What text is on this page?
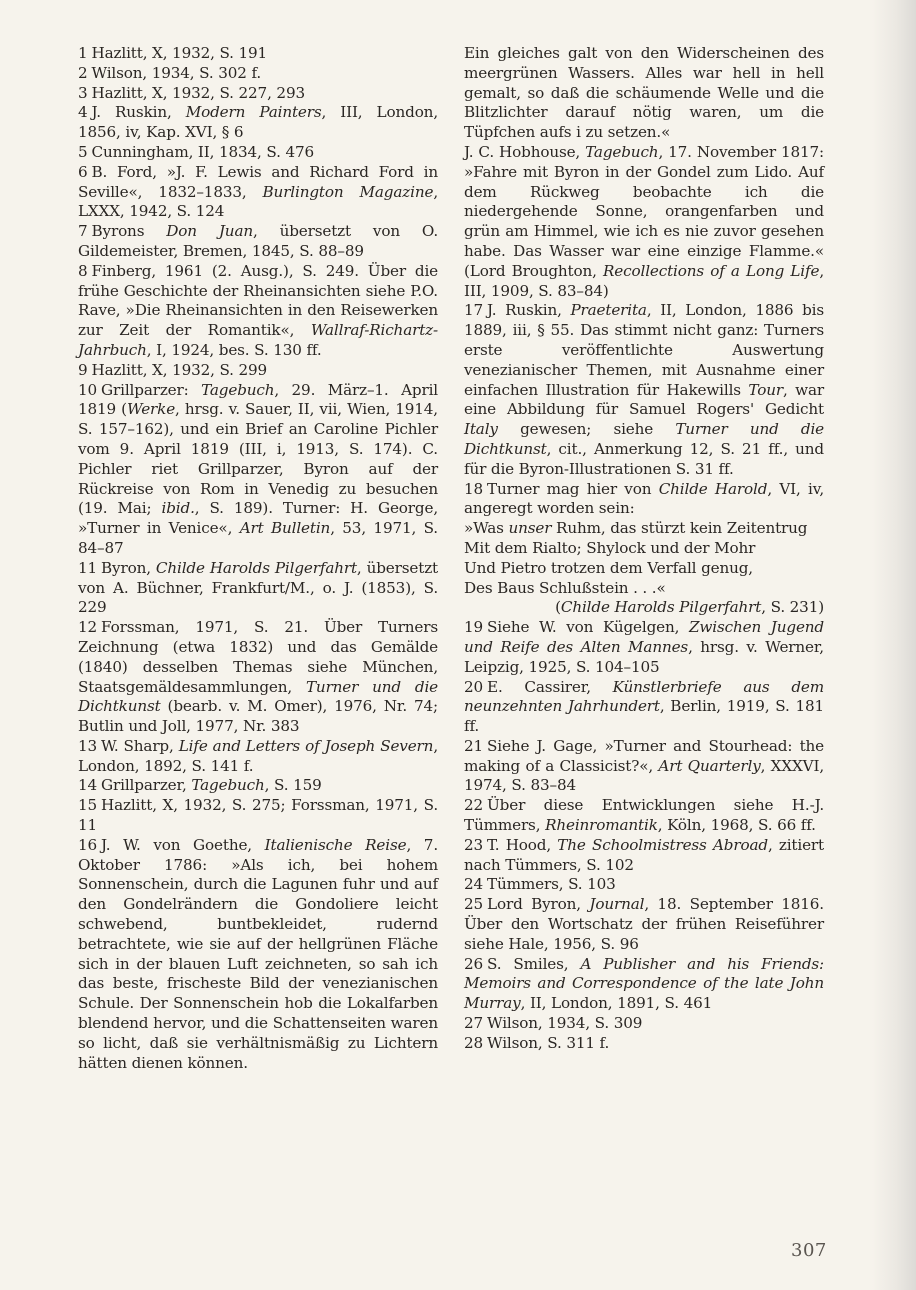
1 Hazlitt, X, 1932, S. 191

2 Wilson, 1934, S. 302 f.

3 Hazlitt, X, 1932, S. 227, 293

4 J. Ruskin, Modern Painters, III, London, 1856, iv, Kap. XVI, § 6

5 Cunningham, II, 1834, S. 476

6 B. Ford, »J. F. Lewis and Richard Ford in Seville«, 1832–1833, Burlington Magazine, LXXX, 1942, S. 124

7 Byrons Don Juan, übersetzt von O. Gildemeister, Bremen, 1845, S. 88–89

8 Finberg, 1961 (2. Ausg.), S. 249. Über die frühe Geschichte der Rheinansichten siehe P.O. Rave, »Die Rheinansichten in den Reisewerken zur Zeit der Romantik«, Wallraf-Richartz-Jahrbuch, I, 1924, bes. S. 130 ff.

9 Hazlitt, X, 1932, S. 299

10 Grillparzer: Tagebuch, 29. März–1. April 1819 (Werke, hrsg. v. Sauer, II, vii, Wien, 1914, S. 157–162), und ein Brief an Caroline Pichler vom 9. April 1819 (III, i, 1913, S. 174). C. Pichler riet Grillparzer, Byron auf der Rückreise von Rom in Venedig zu besuchen (19. Mai; ibid., S. 189). Turner: H. George, »Turner in Venice«, Art Bulletin, 53, 1971, S. 84–87

11 Byron, Childe Harolds Pilgerfahrt, übersetzt von A. Büchner, Frankfurt/M., o. J. (1853), S. 229

12 Forssman, 1971, S. 21. Über Turners Zeichnung (etwa 1832) und das Gemälde (1840) desselben Themas siehe München, Staatsgemäldesammlungen, Turner und die Dichtkunst (bearb. v. M. Omer), 1976, Nr. 74; Butlin und Joll, 1977, Nr. 383

13 W. Sharp, Life and Letters of Joseph Severn, London, 1892, S. 141 f.

14 Grillparzer, Tagebuch, S. 159

15 Hazlitt, X, 1932, S. 275; Forssman, 1971, S. 11

16 J. W. von Goethe, Italienische Reise, 7. Oktober 1786: »Als ich, bei hohem Sonnenschein, durch die Lagunen fuhr und auf den Gondelrändern die Gondoliere leicht schwebend, buntbekleidet, rudernd betrachtete, wie sie auf der hellgrünen Fläche sich in der blauen Luft zeichneten, so sah ich das beste, frischeste Bild der venezianischen Schule. Der Sonnenschein hob die Lokalfarben blendend hervor, und die Schattenseiten waren so licht, daß sie verhältnismäßig zu Lichtern hätten dienen können.

Ein gleiches galt von den Widerscheinen des meergrünen Wassers. Alles war hell in hell gemalt, so daß die schäumende Welle und die Blitzlichter darauf nötig waren, um die Tüpfchen aufs i zu setzen.«

J. C. Hobhouse, Tagebuch, 17. November 1817: »Fahre mit Byron in der Gondel zum Lido. Auf dem Rückweg beobachte ich die niedergehende Sonne, orangenfarben und grün am Himmel, wie ich es nie zuvor gesehen habe. Das Wasser war eine einzige Flamme.« (Lord Broughton, Recollections of a Long Life, III, 1909, S. 83–84)

17 J. Ruskin, Praeterita, II, London, 1886 bis 1889, iii, § 55. Das stimmt nicht ganz: Turners erste veröffentlichte Auswertung venezianischer Themen, mit Ausnahme einer einfachen Illustration für Hakewills Tour, war eine Abbildung für Samuel Rogers' Gedicht Italy gewesen; siehe Turner und die Dichtkunst, cit., Anmerkung 12, S. 21 ff., und für die Byron-Illustrationen S. 31 ff.

18 Turner mag hier von Childe Harold, VI, iv, angeregt worden sein:

»Was unser Ruhm, das stürzt kein Zeitentrug
Mit dem Rialto; Shylock und der Mohr
Und Pietro trotzen dem Verfall genug,
Des Baus Schlußstein . . .«
(Childe Harolds Pilgerfahrt, S. 231)

19 Siehe W. von Kügelgen, Zwischen Jugend und Reife des Alten Mannes, hrsg. v. Werner, Leipzig, 1925, S. 104–105

20 E. Cassirer, Künstlerbriefe aus dem neunzehnten Jahrhundert, Berlin, 1919, S. 181 ff.

21 Siehe J. Gage, »Turner and Stourhead: the making of a Classicist?«, Art Quarterly, XXXVI, 1974, S. 83–84

22 Über diese Entwicklungen siehe H.-J. Tümmers, Rheinromantik, Köln, 1968, S. 66 ff.

23 T. Hood, The Schoolmistress Abroad, zitiert nach Tümmers, S. 102

24 Tümmers, S. 103

25 Lord Byron, Journal, 18. September 1816. Über den Wortschatz der frühen Reiseführer siehe Hale, 1956, S. 96

26 S. Smiles, A Publisher and his Friends: Memoirs and Correspondence of the late John Murray, II, London, 1891, S. 461

27 Wilson, 1934, S. 309

28 Wilson, S. 311 f.

307
